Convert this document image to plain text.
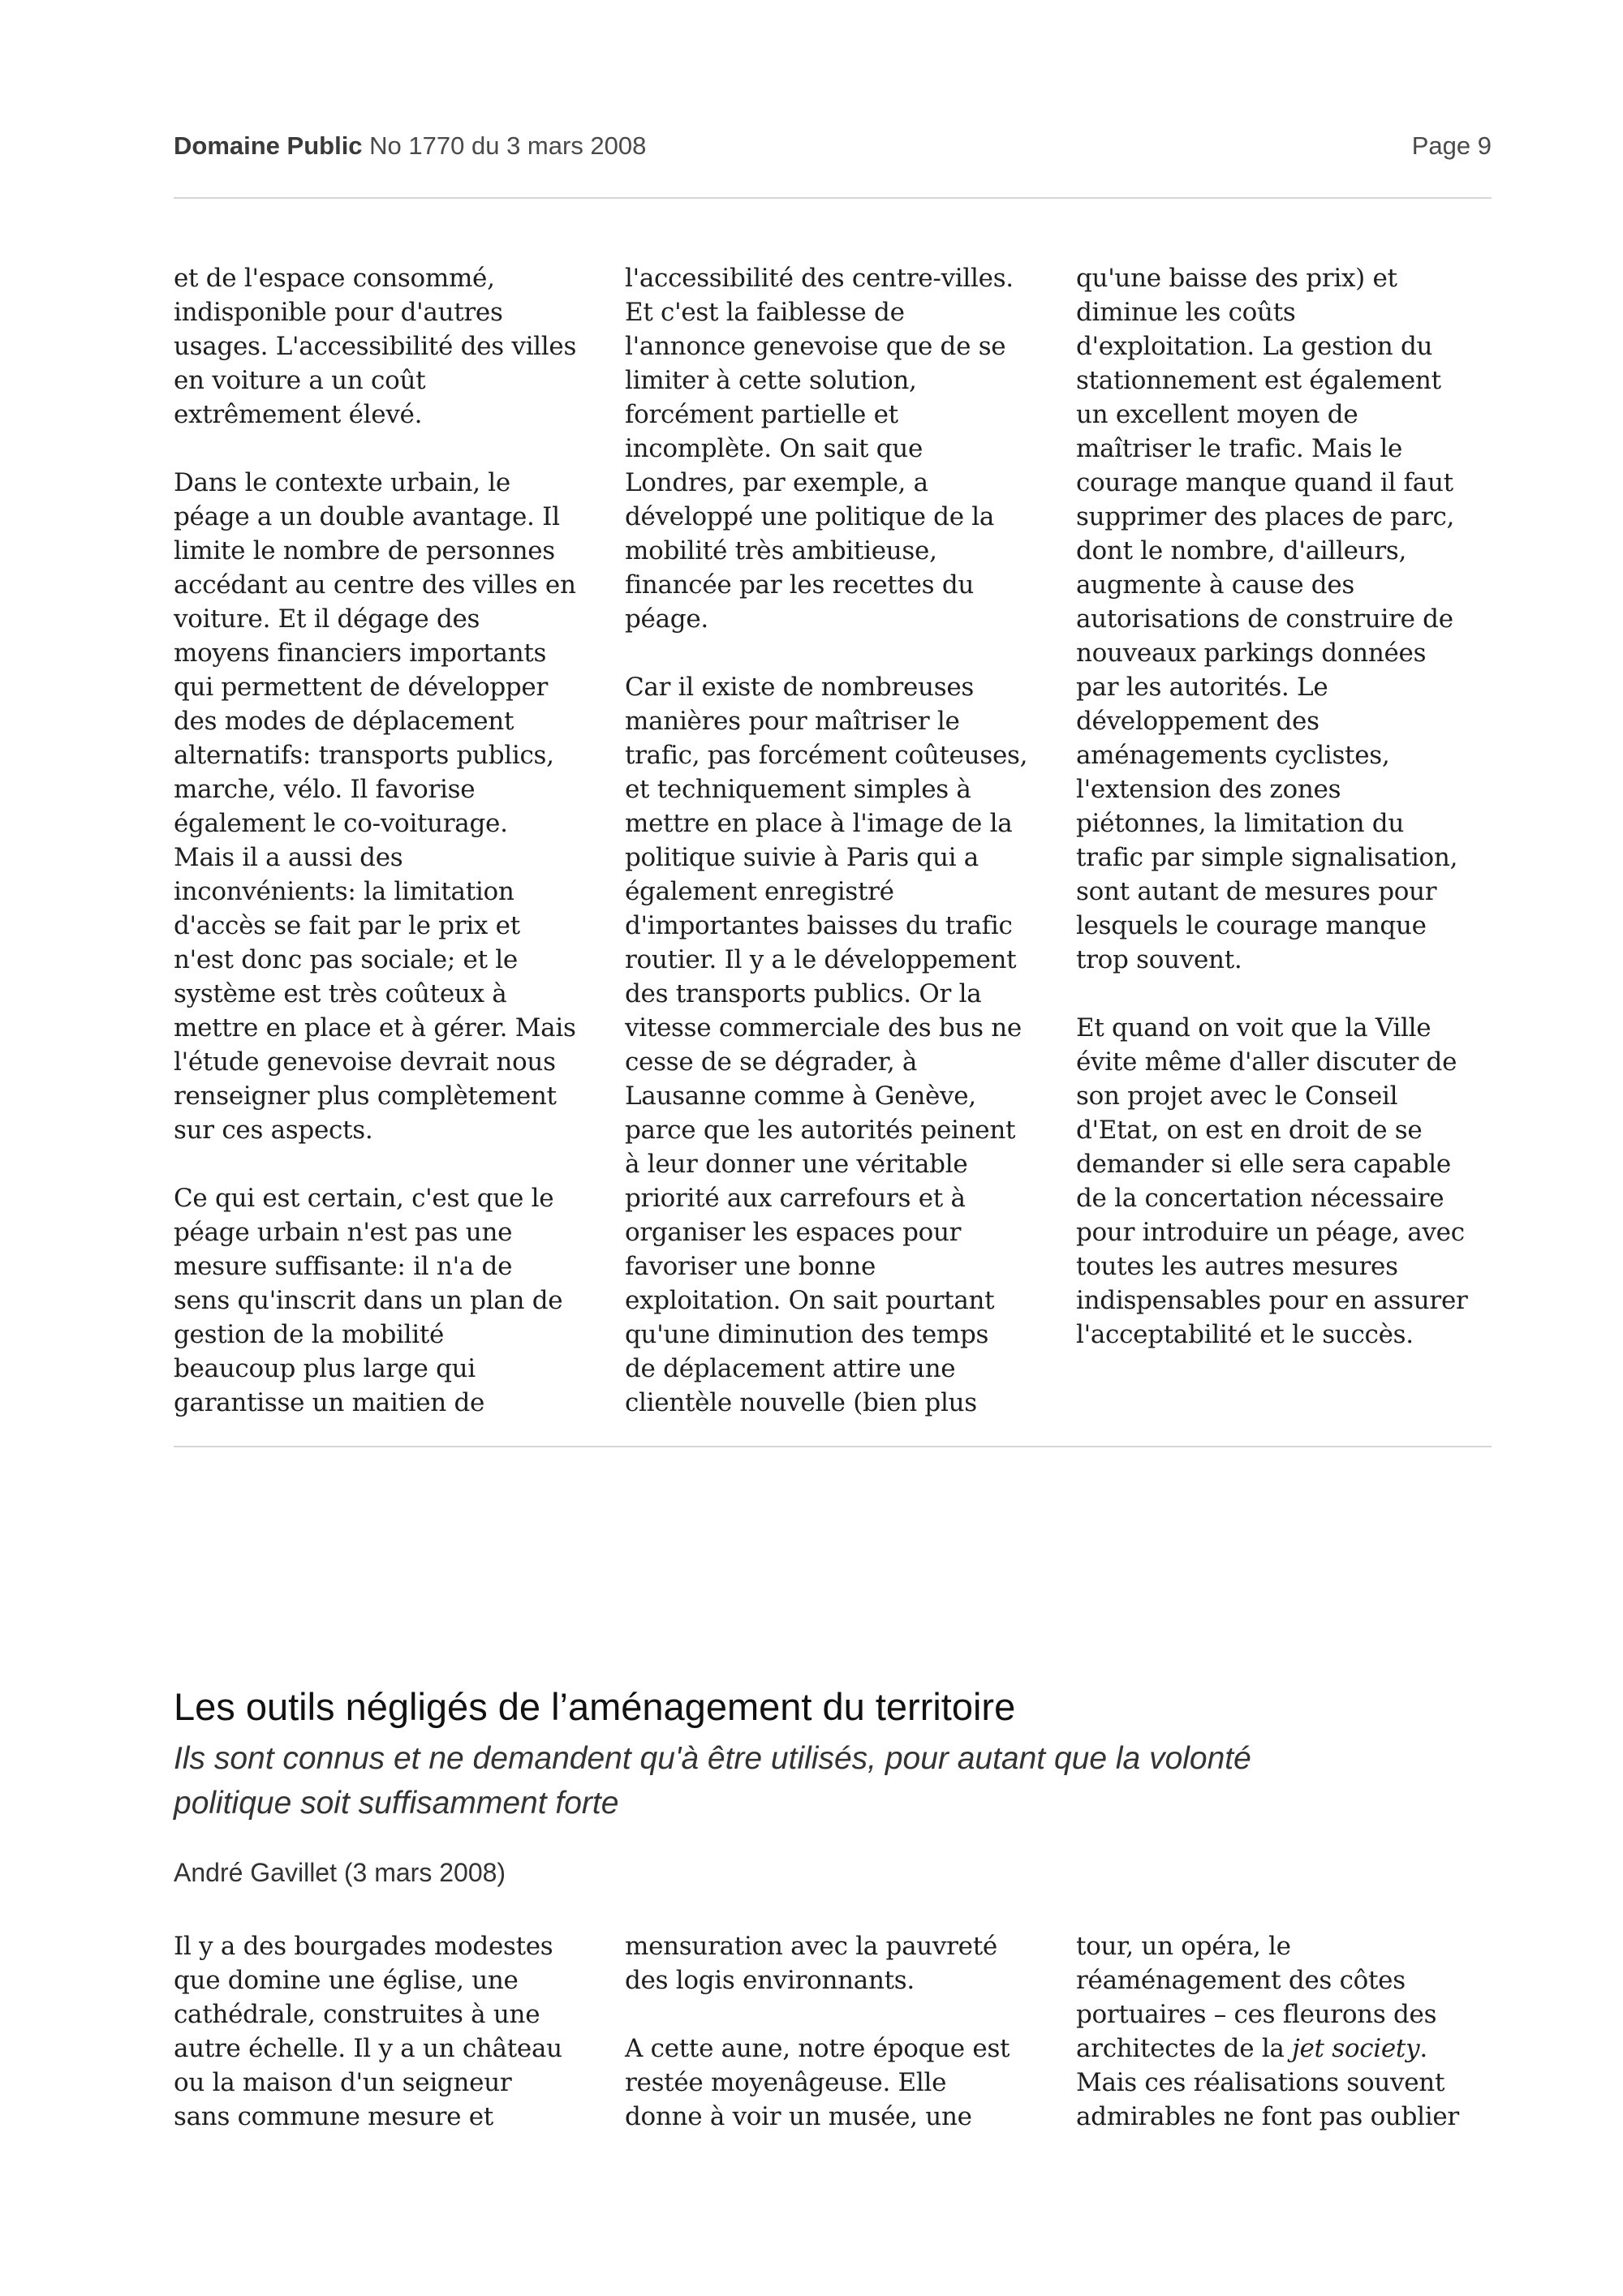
Domaine Public No 1770 du 3 mars 2008	Page 9

et de l'espace consommé,
indisponible pour d'autres
usages. L'accessibilité des villes
en voiture a un coût
extrêmement élevé.

Dans le contexte urbain, le
péage a un double avantage. Il
limite le nombre de personnes
accédant au centre des villes en
voiture. Et il dégage des
moyens financiers importants
qui permettent de développer
des modes de déplacement
alternatifs: transports publics,
marche, vélo. Il favorise
également le co-voiturage.
Mais il a aussi des
inconvénients: la limitation
d'accès se fait par le prix et
n'est donc pas sociale; et le
système est très coûteux à
mettre en place et à gérer. Mais
l'étude genevoise devrait nous
renseigner plus complètement
sur ces aspects.

Ce qui est certain, c'est que le
péage urbain n'est pas une
mesure suffisante: il n'a de
sens qu'inscrit dans un plan de
gestion de la mobilité
beaucoup plus large qui
garantisse un maitien de

l'accessibilité des centre-villes.
Et c'est la faiblesse de
l'annonce genevoise que de se
limiter à cette solution,
forcément partielle et
incomplète. On sait que
Londres, par exemple, a
développé une politique de la
mobilité très ambitieuse,
financée par les recettes du
péage.

Car il existe de nombreuses
manières pour maîtriser le
trafic, pas forcément coûteuses,
et techniquement simples à
mettre en place à l'image de la
politique suivie à Paris qui a
également enregistré
d'importantes baisses du trafic
routier. Il y a le développement
des transports publics. Or la
vitesse commerciale des bus ne
cesse de se dégrader, à
Lausanne comme à Genève,
parce que les autorités peinent
à leur donner une véritable
priorité aux carrefours et à
organiser les espaces pour
favoriser une bonne
exploitation. On sait pourtant
qu'une diminution des temps
de déplacement attire une
clientèle nouvelle (bien plus

qu'une baisse des prix) et
diminue les coûts
d'exploitation. La gestion du
stationnement est également
un excellent moyen de
maîtriser le trafic. Mais le
courage manque quand il faut
supprimer des places de parc,
dont le nombre, d'ailleurs,
augmente à cause des
autorisations de construire de
nouveaux parkings données
par les autorités. Le
développement des
aménagements cyclistes,
l'extension des zones
piétonnes, la limitation du
trafic par simple signalisation,
sont autant de mesures pour
lesquels le courage manque
trop souvent.

Et quand on voit que la Ville
évite même d'aller discuter de
son projet avec le Conseil
d'Etat, on est en droit de se
demander si elle sera capable
de la concertation nécessaire
pour introduire un péage, avec
toutes les autres mesures
indispensables pour en assurer
l'acceptabilité et le succès.

Les outils négligés de l’aménagement du territoire
Ils sont connus et ne demandent qu'à être utilisés, pour autant que la volonté
politique soit suffisamment forte
André Gavillet (3 mars 2008)

Il y a des bourgades modestes
que domine une église, une
cathédrale, construites à une
autre échelle. Il y a un château
ou la maison d'un seigneur
sans commune mesure et

mensuration avec la pauvreté
des logis environnants.

A cette aune, notre époque est
restée moyenâgeuse. Elle
donne à voir un musée, une

tour, un opéra, le
réaménagement des côtes
portuaires – ces fleurons des
architectes de la jet society.
Mais ces réalisations souvent
admirables ne font pas oublier
